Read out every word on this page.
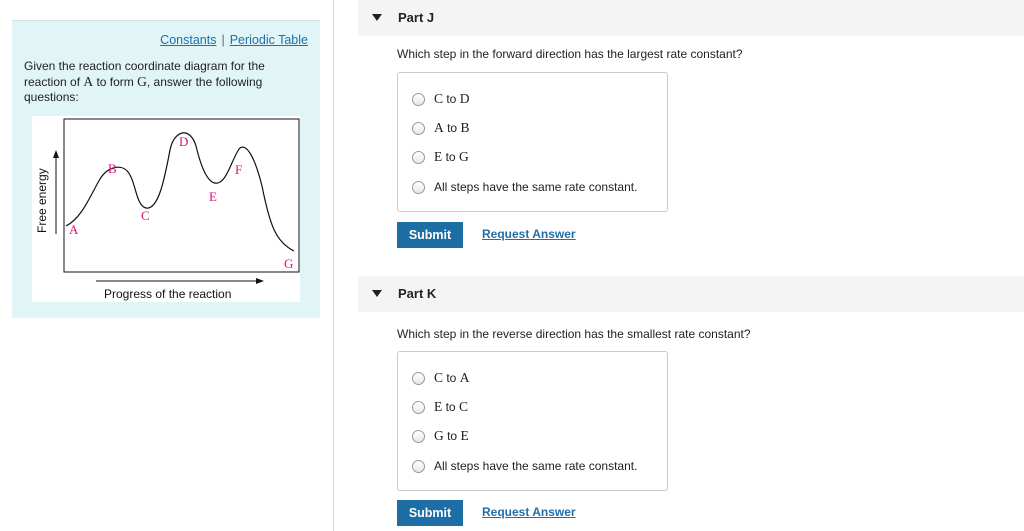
Constants | Periodic Table
Given the reaction coordinate diagram for the
reaction of A to form G, answer the following
questions:
Free energy
Progress of the reaction
A
B
C
D
E
F
G
Part J
Which step in the forward direction has the largest rate constant?
C to D
A to B
E to G
All steps have the same rate constant.
Submit	Request Answer
Part K
Which step in the reverse direction has the smallest rate constant?
C to A
E to C
G to E
All steps have the same rate constant.
Submit	Request Answer
